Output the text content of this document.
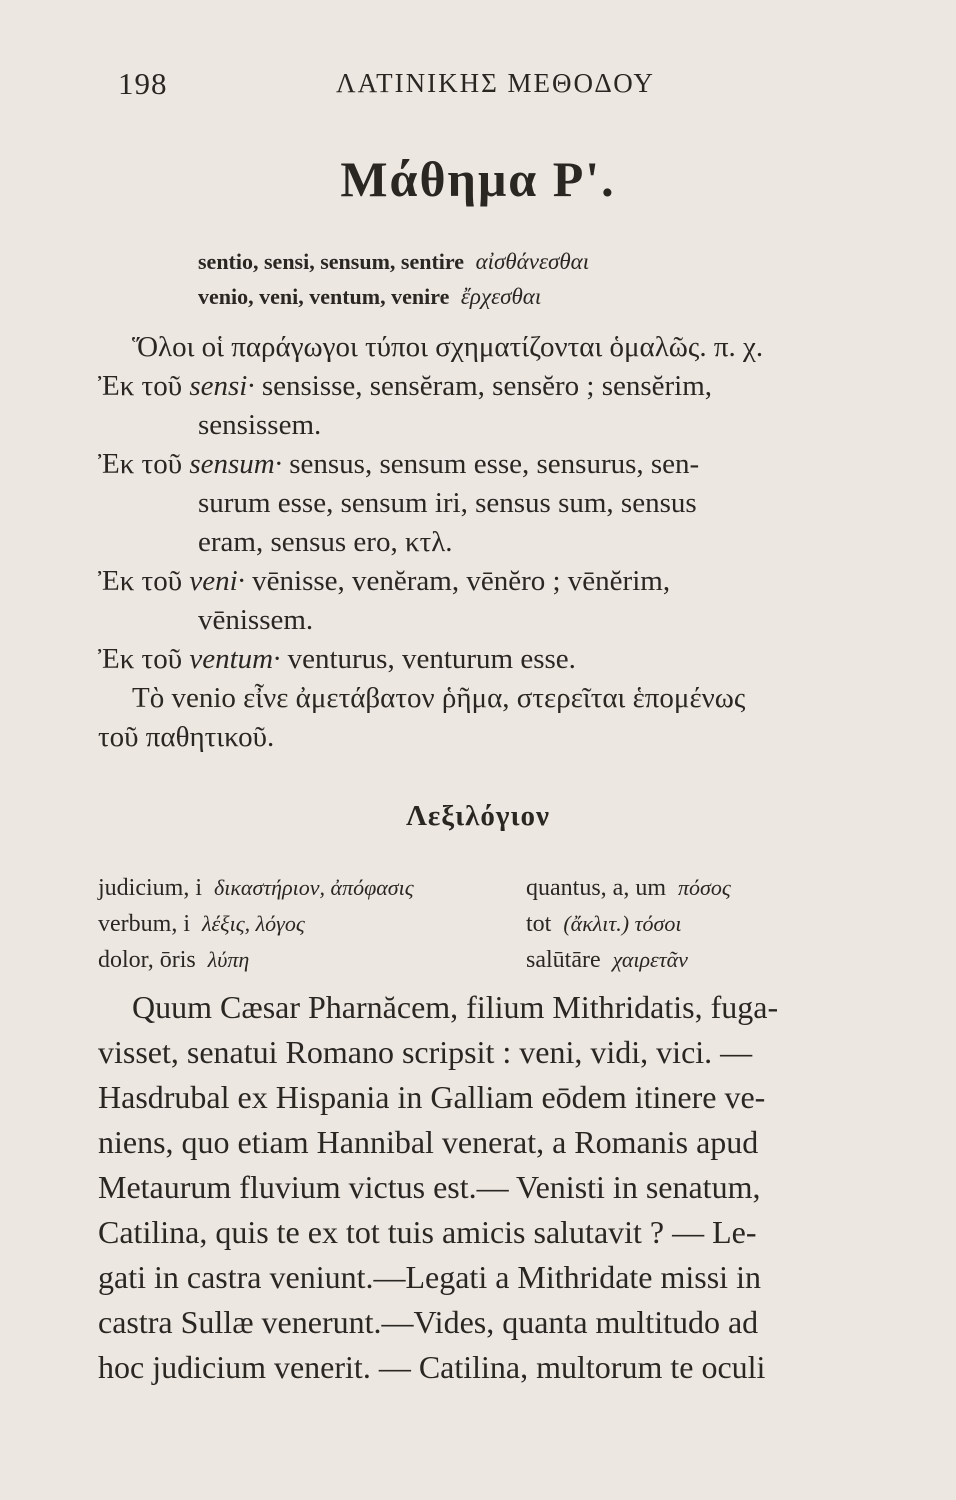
198	ΛΑΤΙΝΙΚΗΣ ΜΕΘΟΔΟΥ
Μάθημα Ρ'.
sentio, sensi, sensum, sentire αἰσθάνεσθαι
venio, veni, ventum, venire ἔρχεσθαι

Ὅλοι οἱ παράγωγοι τύποι σχηματίζονται ὁμαλῶς. π. χ.

Ἐκ τοῦ sensi· sensisse, sensĕram, sensĕro ; sensĕrim,

sensissem.

Ἐκ τοῦ sensum· sensus, sensum esse, sensurus, sen-

surum esse, sensum iri, sensus sum, sensus

eram, sensus ero, κτλ.

Ἐκ τοῦ veni· vēnisse, venĕram, vēnĕro ; vēnĕrim,

vēnissem.

Ἐκ τοῦ ventum· venturus, venturum esse.

Τὸ venio εἶνε ἀμετάβατον ῥῆμα, στερεῖται ἑπομένως

τοῦ παθητικοῦ.

Λεξιλόγιον
judicium, i δικαστήριον, ἀπόφασις
verbum, i λέξις, λόγος
dolor, ōris λύπη
quantus, a, um πόσος
tot (ἄκλιτ.) τόσοι
salūtāre χαιρετᾶν

Quum Cæsar Pharnăcem, filium Mithridatis, fuga-

visset, senatui Romano scripsit : veni, vidi, vici. —

Hasdrubal ex Hispania in Galliam eōdem itinere ve-

niens, quo etiam Hannibal venerat, a Romanis apud

Metaurum fluvium victus est.— Venisti in senatum,

Catilina, quis te ex tot tuis amicis salutavit ? — Le-

gati in castra veniunt.—Legati a Mithridate missi in

castra Sullæ venerunt.—Vides, quanta multitudo ad

hoc judicium venerit. — Catilina, multorum te oculi
